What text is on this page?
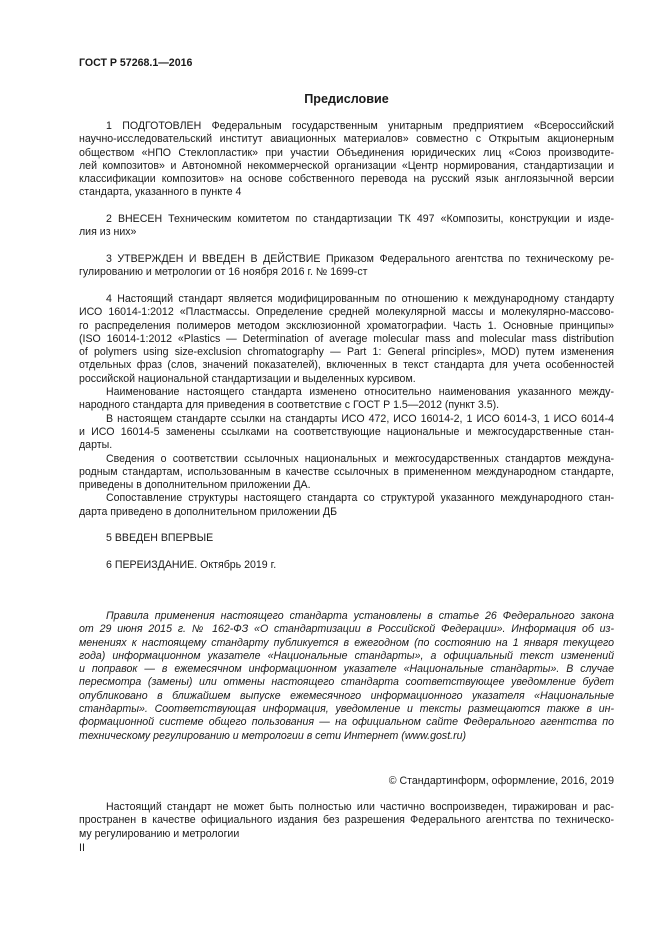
ГОСТ Р 57268.1—2016
Предисловие

1 ПОДГОТОВЛЕН Федеральным государственным унитарным предприятием «Всероссийский
научно-исследовательский институт авиационных материалов» совместно с Открытым акционерным
обществом «НПО Стеклопластик» при участии Объединения юридических лиц «Союз производите-
лей композитов» и Автономной некоммерческой организации «Центр нормирования, стандартизации и
классификации композитов» на основе собственного перевода на русский язык англоязычной версии
стандарта, указанного в пункте 4

2 ВНЕСЕН Техническим комитетом по стандартизации ТК 497 «Композиты, конструкции и изде-
лия из них»

3 УТВЕРЖДЕН И ВВЕДЕН В ДЕЙСТВИЕ Приказом Федерального агентства по техническому ре-
гулированию и метрологии от 16 ноября 2016 г. № 1699-ст

4 Настоящий стандарт является модифицированным по отношению к международному стандарту
ИСО 16014-1:2012 «Пластмассы. Определение средней молекулярной массы и молекулярно-массово-
го распределения полимеров методом эксклюзионной хроматографии. Часть 1. Основные принципы»
(ISO 16014-1:2012 «Plastics — Determination of average molecular mass and molecular mass distribution
of polymers using size-exclusion chromatography — Part 1: General principles», MOD) путем изменения
отдельных фраз (слов, значений показателей), включенных в текст стандарта для учета особенностей
российской национальной стандартизации и выделенных курсивом.

Наименование настоящего стандарта изменено относительно наименования указанного между-
народного стандарта для приведения в соответствие с ГОСТ Р 1.5—2012 (пункт 3.5).

В настоящем стандарте ссылки на стандарты ИСО 472, ИСО 16014-2, 1 ИСО 6014-3, 1 ИСО 6014-4
и ИСО 16014-5 заменены ссылками на соответствующие национальные и межгосударственные стан-
дарты.

Сведения о соответствии ссылочных национальных и межгосударственных стандартов междуна-
родным стандартам, использованным в качестве ссылочных в примененном международном стандарте,
приведены в дополнительном приложении ДА.

Сопоставление структуры настоящего стандарта со структурой указанного международного стан-
дарта приведено в дополнительном приложении ДБ

5 ВВЕДЕН ВПЕРВЫЕ

6 ПЕРЕИЗДАНИЕ. Октябрь 2019 г.

Правила применения настоящего стандарта установлены в статье 26 Федерального закона
от 29 июня 2015 г. № 162-ФЗ «О стандартизации в Российской Федерации». Информация об из-
менениях к настоящему стандарту публикуется в ежегодном (по состоянию на 1 января текущего
года) информационном указателе «Национальные стандарты», а официальный текст изменений
и поправок — в ежемесячном информационном указателе «Национальные стандарты». В случае
пересмотра (замены) или отмены настоящего стандарта соответствующее уведомление будет
опубликовано в ближайшем выпуске ежемесячного информационного указателя «Национальные
стандарты». Соответствующая информация, уведомление и тексты размещаются также в ин-
формационной системе общего пользования — на официальном сайте Федерального агентства по
техническому регулированию и метрологии в сети Интернет (www.gost.ru)

© Стандартинформ, оформление, 2016, 2019

Настоящий стандарт не может быть полностью или частично воспроизведен, тиражирован и рас-
пространен в качестве официального издания без разрешения Федерального агентства по техническо-
му регулированию и метрологии

II
